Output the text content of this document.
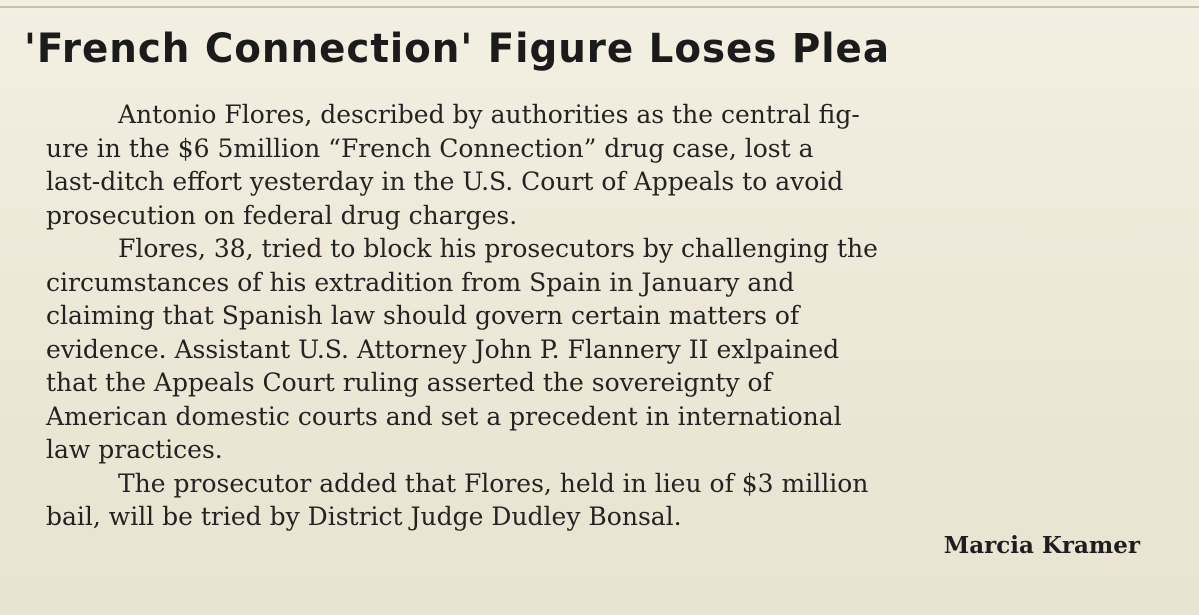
'French Connection' Figure Loses Plea
Antonio Flores, described by authorities as the central fig-
ure in the $6 5million “French Connection” drug case, lost a
last-ditch effort yesterday in the U.S. Court of Appeals to avoid
prosecution on federal drug charges.
Flores, 38, tried to block his prosecutors by challenging the
circumstances of his extradition from Spain in January and
claiming that Spanish law should govern certain matters of
evidence. Assistant U.S. Attorney John P. Flannery II exlpained
that the Appeals Court ruling asserted the sovereignty of
American domestic courts and set a precedent in international
law practices.
The prosecutor added that Flores, held in lieu of $3 million
bail, will be tried by District Judge Dudley Bonsal.
Marcia Kramer
